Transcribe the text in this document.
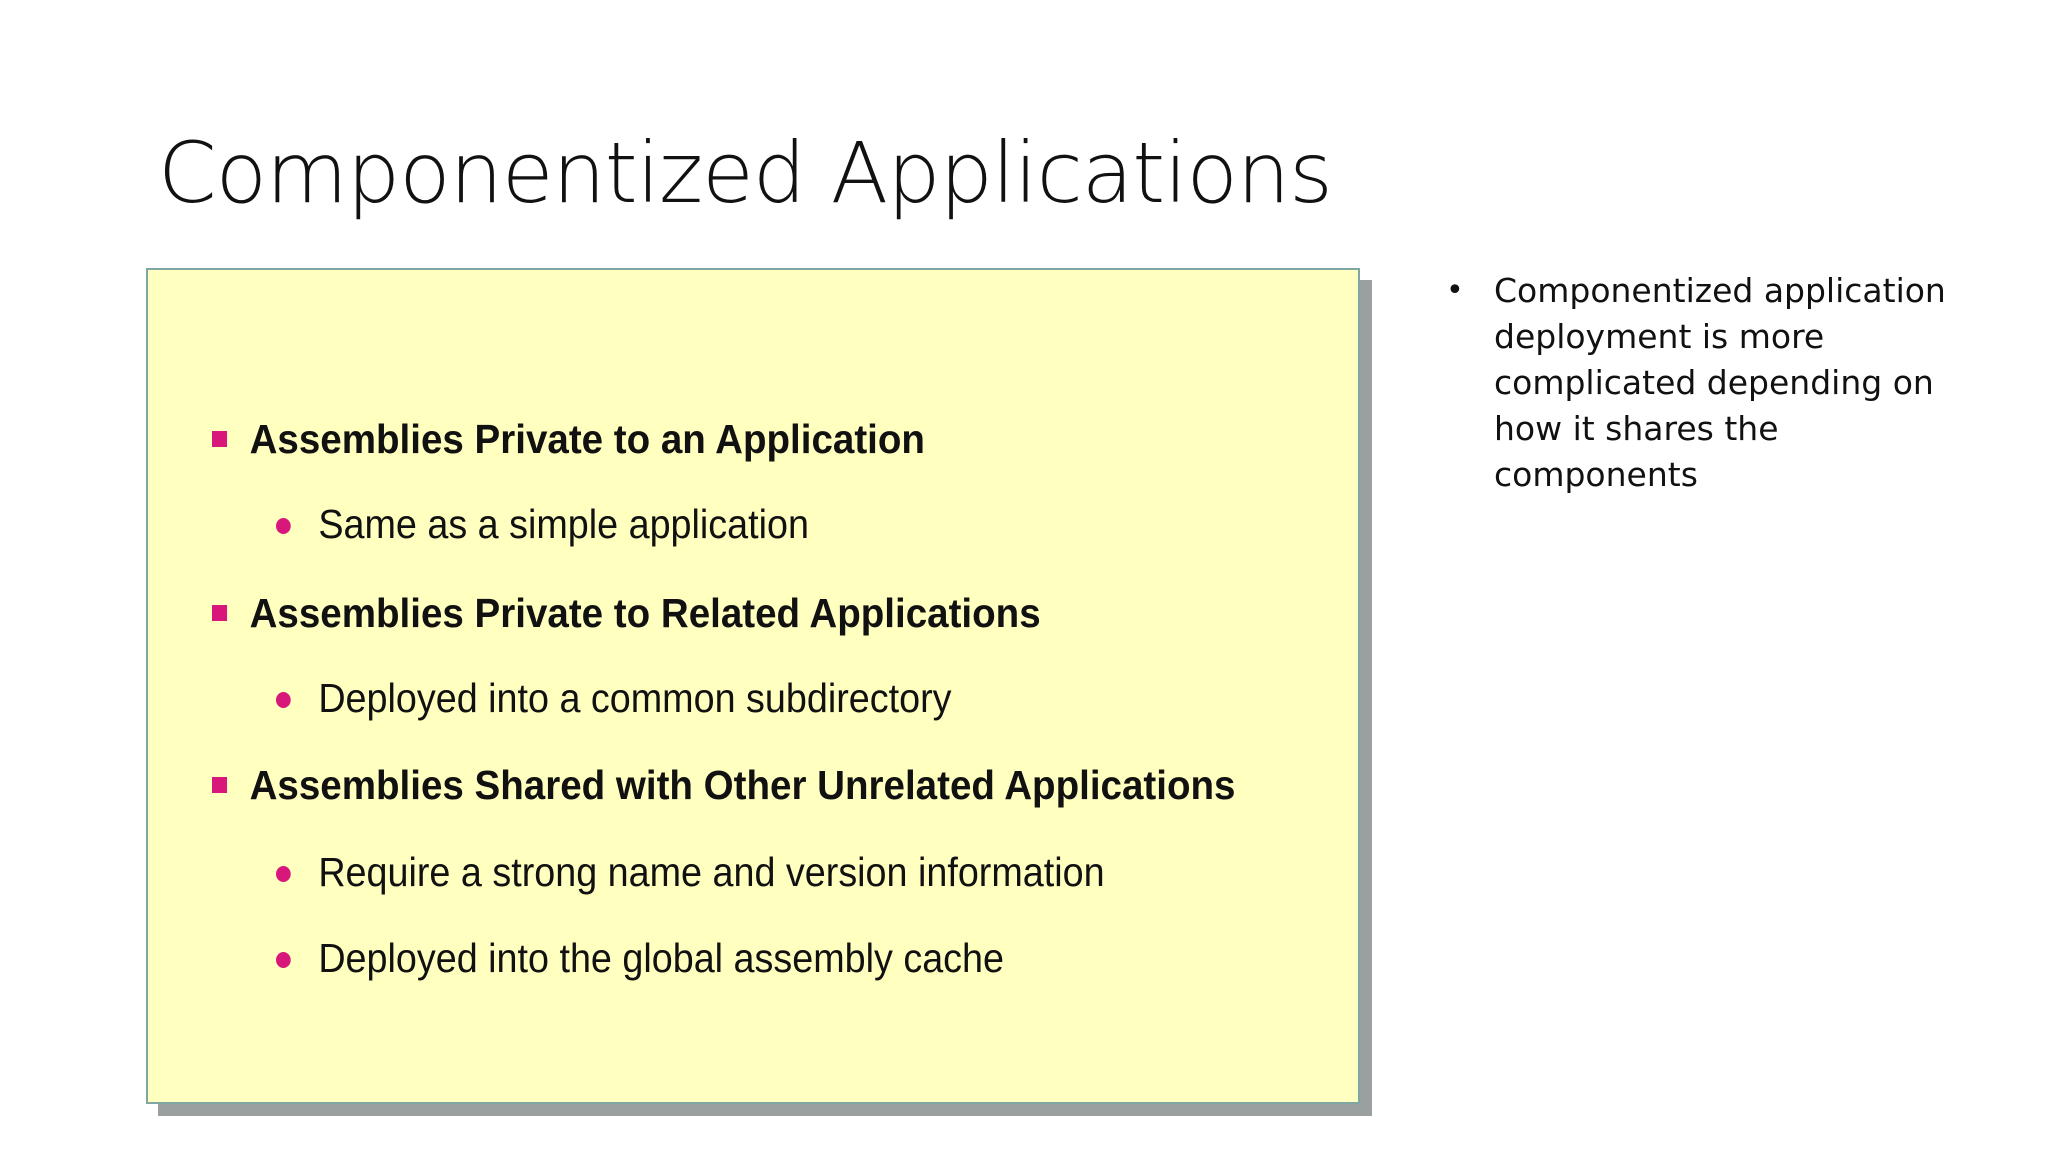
Componentized Applications
Assemblies Private to an Application
Same as a simple application
Assemblies Private to Related Applications
Deployed into a common subdirectory
Assemblies Shared with Other Unrelated Applications
Require a strong name and version information
Deployed into the global assembly cache
• Componentized application deployment is more complicated depending on how it shares the components
